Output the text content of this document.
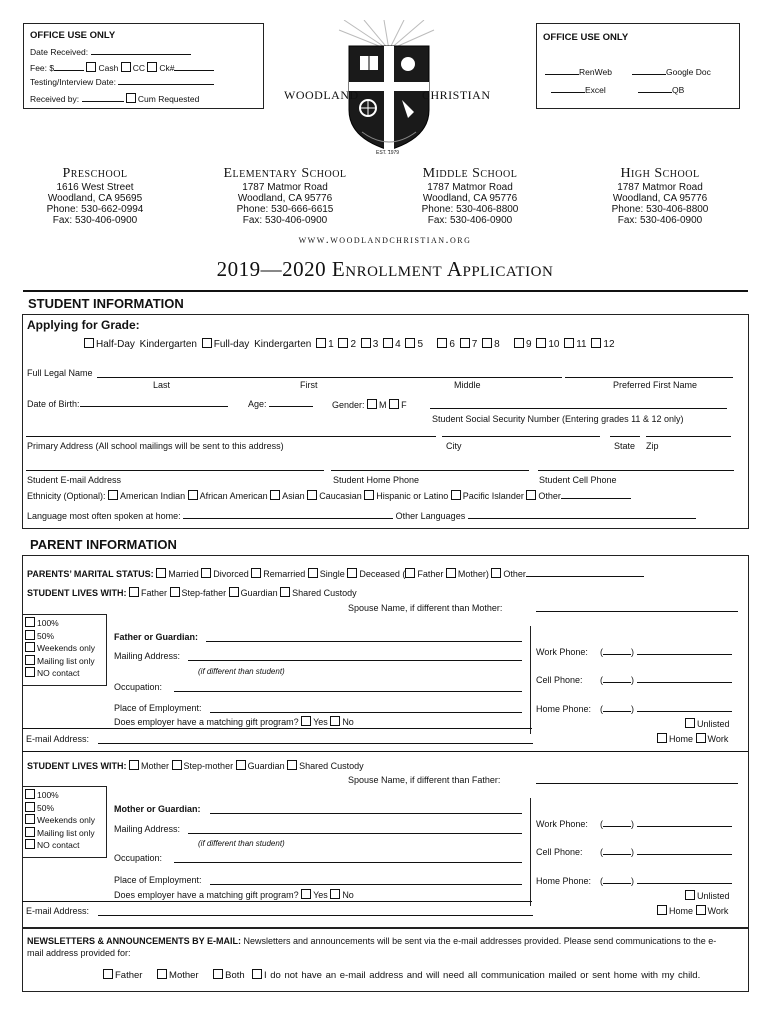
OFFICE USE ONLY
Date Received:
Fee: $	Cash CC Ck#
Testing/Interview Date:
Received by:	Cum Requested
OFFICE USE ONLY
RenWeb	Google Doc
Excel	QB
WOODLAND	CHRISTIAN
EST. 1979
Preschool
1616 West Street
Woodland, CA 95695
Phone: 530-662-0994
Fax: 530-406-0900
Elementary School
1787 Matmor Road
Woodland, CA 95776
Phone: 530-666-6615
Fax: 530-406-0900
Middle School
1787 Matmor Road
Woodland, CA 95776
Phone: 530-406-8800
Fax: 530-406-0900
High School
1787 Matmor Road
Woodland, CA 95776
Phone: 530-406-8800
Fax: 530-406-0900
www.woodlandchristian.org
2019—2020 Enrollment Application
STUDENT INFORMATION
Applying for Grade:
Half-Day Kindergarten Full-day Kindergarten 1 2 3 4 5	6 7 8	9 10 11 12
Full Legal Name
Last	First	Middle	Preferred First Name
Date of Birth:	Age:	Gender: M F
Student Social Security Number (Entering grades 11 & 12 only)
Primary Address (All school mailings will be sent to this address)	City	State Zip
Student E-mail Address	Student Home Phone	Student Cell Phone
Ethnicity (Optional): American Indian African American Asian Caucasian Hispanic or Latino Pacific Islander Other
Language most often spoken at home:	Other Languages
PARENT INFORMATION
PARENTS’ MARITAL STATUS: Married Divorced Remarried Single Deceased ( Father Mother) Other
STUDENT LIVES WITH: Father Step-father Guardian Shared Custody
Spouse Name, if different than Mother:
100%
50%
Weekends only
Mailing list only
NO contact
Father or Guardian:
Mailing Address:
(if different than student)
Occupation:
Place of Employment:
Does employer have a matching gift program? Yes No
Work Phone: (	)
Cell Phone: (	)
Home Phone: (	)
Unlisted
E-mail Address:	Home Work
STUDENT LIVES WITH: Mother Step-mother Guardian Shared Custody
Spouse Name, if different than Father:
100%
50%
Weekends only
Mailing list only
NO contact
Mother or Guardian:
Mailing Address:
(if different than student)
Occupation:
Place of Employment:
Does employer have a matching gift program? Yes No
Work Phone: (	)
Cell Phone: (	)
Home Phone: (	)
Unlisted
E-mail Address:	Home Work
NEWSLETTERS & ANNOUNCEMENTS BY E-MAIL: Newsletters and announcements will be sent via the e-mail addresses provided. Please send communications to the e-mail address provided for:
Father	Mother	Both I do not have an e-mail address and will need all communication mailed or sent home with my child.
